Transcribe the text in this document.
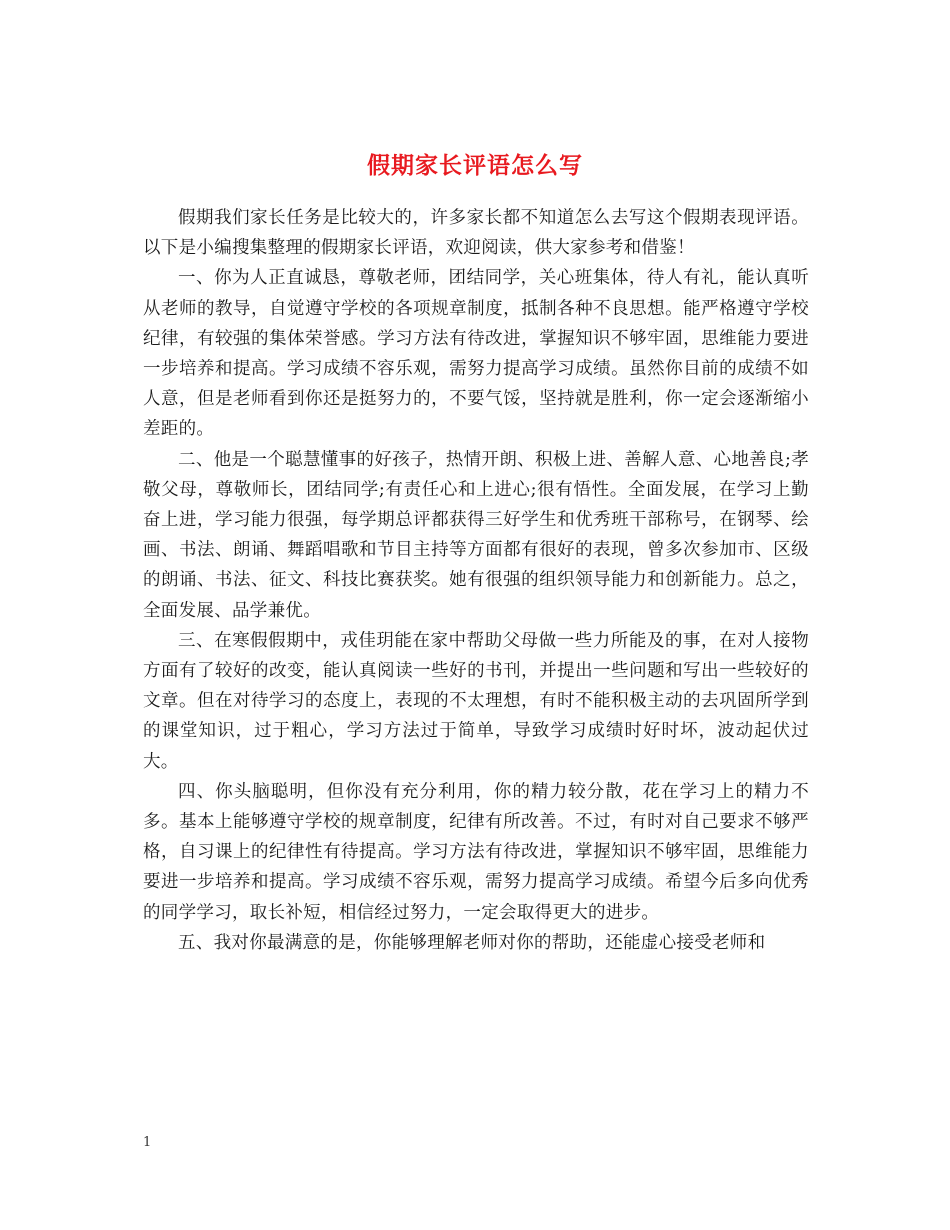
假期家长评语怎么写

假期我们家长任务是比较大的，许多家长都不知道怎么去写这个假期表现评语。以下是小编搜集整理的假期家长评语，欢迎阅读，供大家参考和借鉴！

一、你为人正直诚恳，尊敬老师，团结同学，关心班集体，待人有礼，能认真听从老师的教导，自觉遵守学校的各项规章制度，抵制各种不良思想。能严格遵守学校纪律，有较强的集体荣誉感。学习方法有待改进，掌握知识不够牢固，思维能力要进一步培养和提高。学习成绩不容乐观，需努力提高学习成绩。虽然你目前的成绩不如人意，但是老师看到你还是挺努力的，不要气馁，坚持就是胜利，你一定会逐渐缩小差距的。

二、他是一个聪慧懂事的好孩子，热情开朗、积极上进、善解人意、心地善良;孝敬父母，尊敬师长，团结同学;有责任心和上进心;很有悟性。全面发展，在学习上勤奋上进，学习能力很强，每学期总评都获得三好学生和优秀班干部称号，在钢琴、绘画、书法、朗诵、舞蹈唱歌和节目主持等方面都有很好的表现，曾多次参加市、区级的朗诵、书法、征文、科技比赛获奖。她有很强的组织领导能力和创新能力。总之，全面发展、品学兼优。

三、在寒假假期中，戎佳玥能在家中帮助父母做一些力所能及的事，在对人接物方面有了较好的改变，能认真阅读一些好的书刊，并提出一些问题和写出一些较好的文章。但在对待学习的态度上，表现的不太理想，有时不能积极主动的去巩固所学到的课堂知识，过于粗心，学习方法过于简单，导致学习成绩时好时坏，波动起伏过大。

四、你头脑聪明，但你没有充分利用，你的精力较分散，花在学习上的精力不多。基本上能够遵守学校的规章制度，纪律有所改善。不过，有时对自己要求不够严格，自习课上的纪律性有待提高。学习方法有待改进，掌握知识不够牢固，思维能力要进一步培养和提高。学习成绩不容乐观，需努力提高学习成绩。希望今后多向优秀的同学学习，取长补短，相信经过努力，一定会取得更大的进步。

五、我对你最满意的是，你能够理解老师对你的帮助，还能虚心接受老师和

1
